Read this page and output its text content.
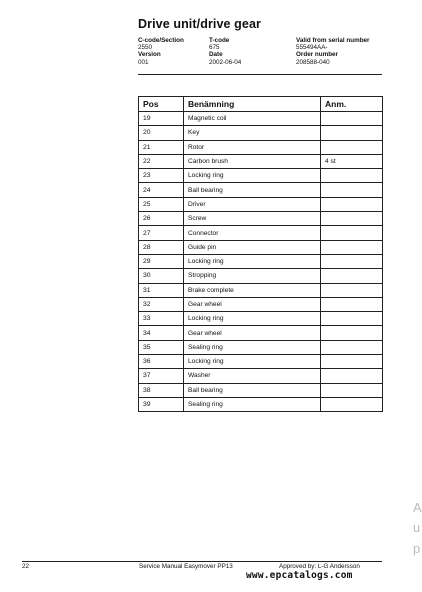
Drive unit/drive gear
C-code/Section	T-code	Valid from serial number
2550	675	555494AA-
Version	Date	Order number
001	2002-06-04	208588-040
Pos	Benämning	Anm.
19	Magnetic coil	
20	Key	
21	Rotor	
22	Carbon brush	4 st
23	Locking ring	
24	Ball bearing	
25	Driver	
26	Screw	
27	Connector	
28	Guide pin	
29	Locking ring	
30	Stropping	
31	Brake complete	
32	Gear wheel	
33	Locking ring	
34	Gear wheel	
35	Sealing ring	
36	Locking ring	
37	Washer	
38	Ball bearing	
39	Sealing ring	
22	Service Manual Easymover PP13	Approved by: L-G Andersson
www.epcatalogs.com
A
u
p
